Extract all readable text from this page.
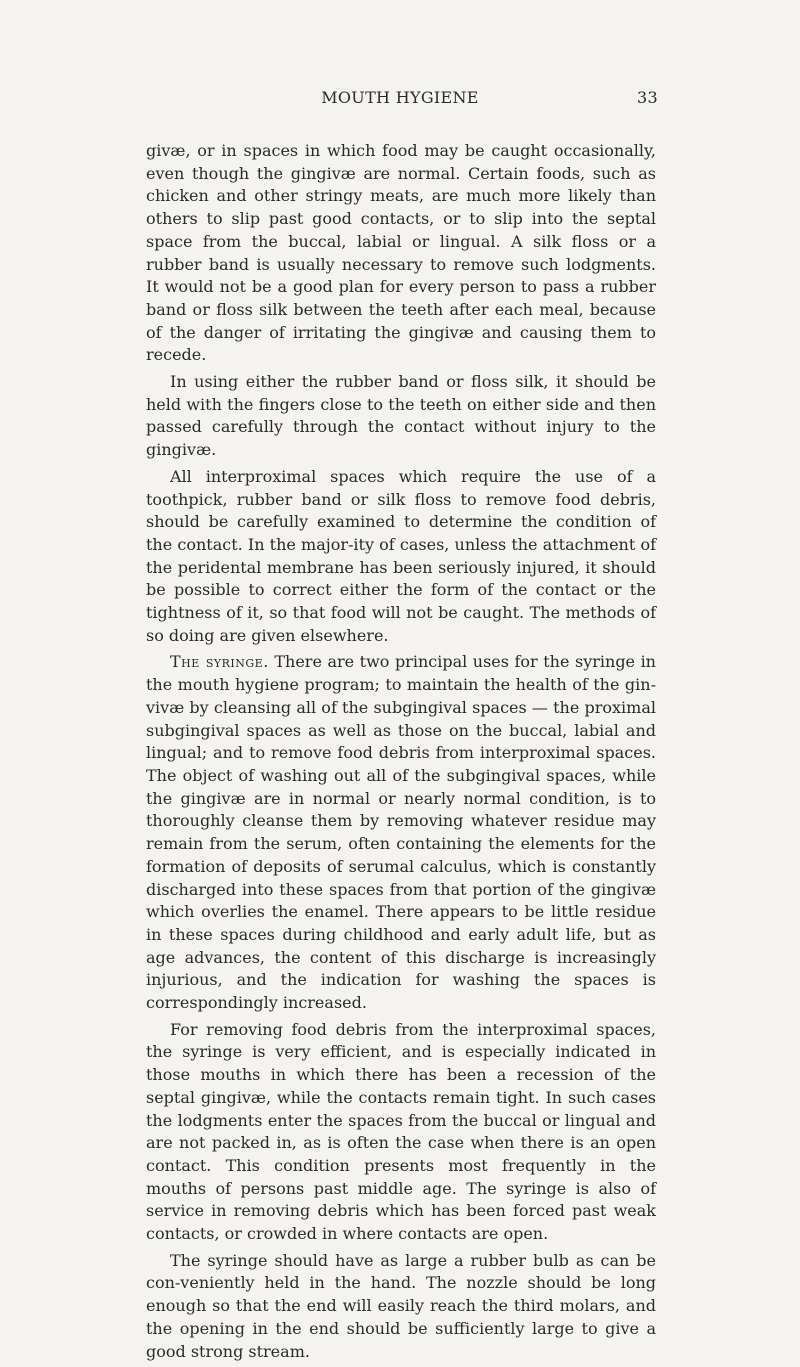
MOUTH HYGIENE	33

givæ, or in spaces in which food may be caught occasionally, even though the gingivæ are normal. Certain foods, such as chicken and other stringy meats, are much more likely than others to slip past good contacts, or to slip into the septal space from the buccal, labial or lingual. A silk floss or a rubber band is usually necessary to remove such lodgments. It would not be a good plan for every person to pass a rubber band or floss silk between the teeth after each meal, because of the danger of irritating the gingivæ and causing them to recede.

In using either the rubber band or floss silk, it should be held with the fingers close to the teeth on either side and then passed carefully through the contact without injury to the gingivæ.

All interproximal spaces which require the use of a toothpick, rubber band or silk floss to remove food debris, should be carefully examined to determine the condition of the contact. In the major-ity of cases, unless the attachment of the peridental membrane has been seriously injured, it should be possible to correct either the form of the contact or the tightness of it, so that food will not be caught. The methods of so doing are given elsewhere.

The syringe. There are two principal uses for the syringe in the mouth hygiene program; to maintain the health of the gin-vivæ by cleansing all of the subgingival spaces — the proximal subgingival spaces as well as those on the buccal, labial and lingual; and to remove food debris from interproximal spaces. The object of washing out all of the subgingival spaces, while the gingivæ are in normal or nearly normal condition, is to thoroughly cleanse them by removing whatever residue may remain from the serum, often containing the elements for the formation of deposits of serumal calculus, which is constantly discharged into these spaces from that portion of the gingivæ which overlies the enamel. There appears to be little residue in these spaces during childhood and early adult life, but as age advances, the content of this discharge is increasingly injurious, and the indication for washing the spaces is correspondingly increased.

For removing food debris from the interproximal spaces, the syringe is very efficient, and is especially indicated in those mouths in which there has been a recession of the septal gingivæ, while the contacts remain tight. In such cases the lodgments enter the spaces from the buccal or lingual and are not packed in, as is often the case when there is an open contact. This condition presents most frequently in the mouths of persons past middle age. The syringe is also of service in removing debris which has been forced past weak contacts, or crowded in where contacts are open.

The syringe should have as large a rubber bulb as can be con-veniently held in the hand. The nozzle should be long enough so that the end will easily reach the third molars, and the opening in the end should be sufficiently large to give a good strong stream.
